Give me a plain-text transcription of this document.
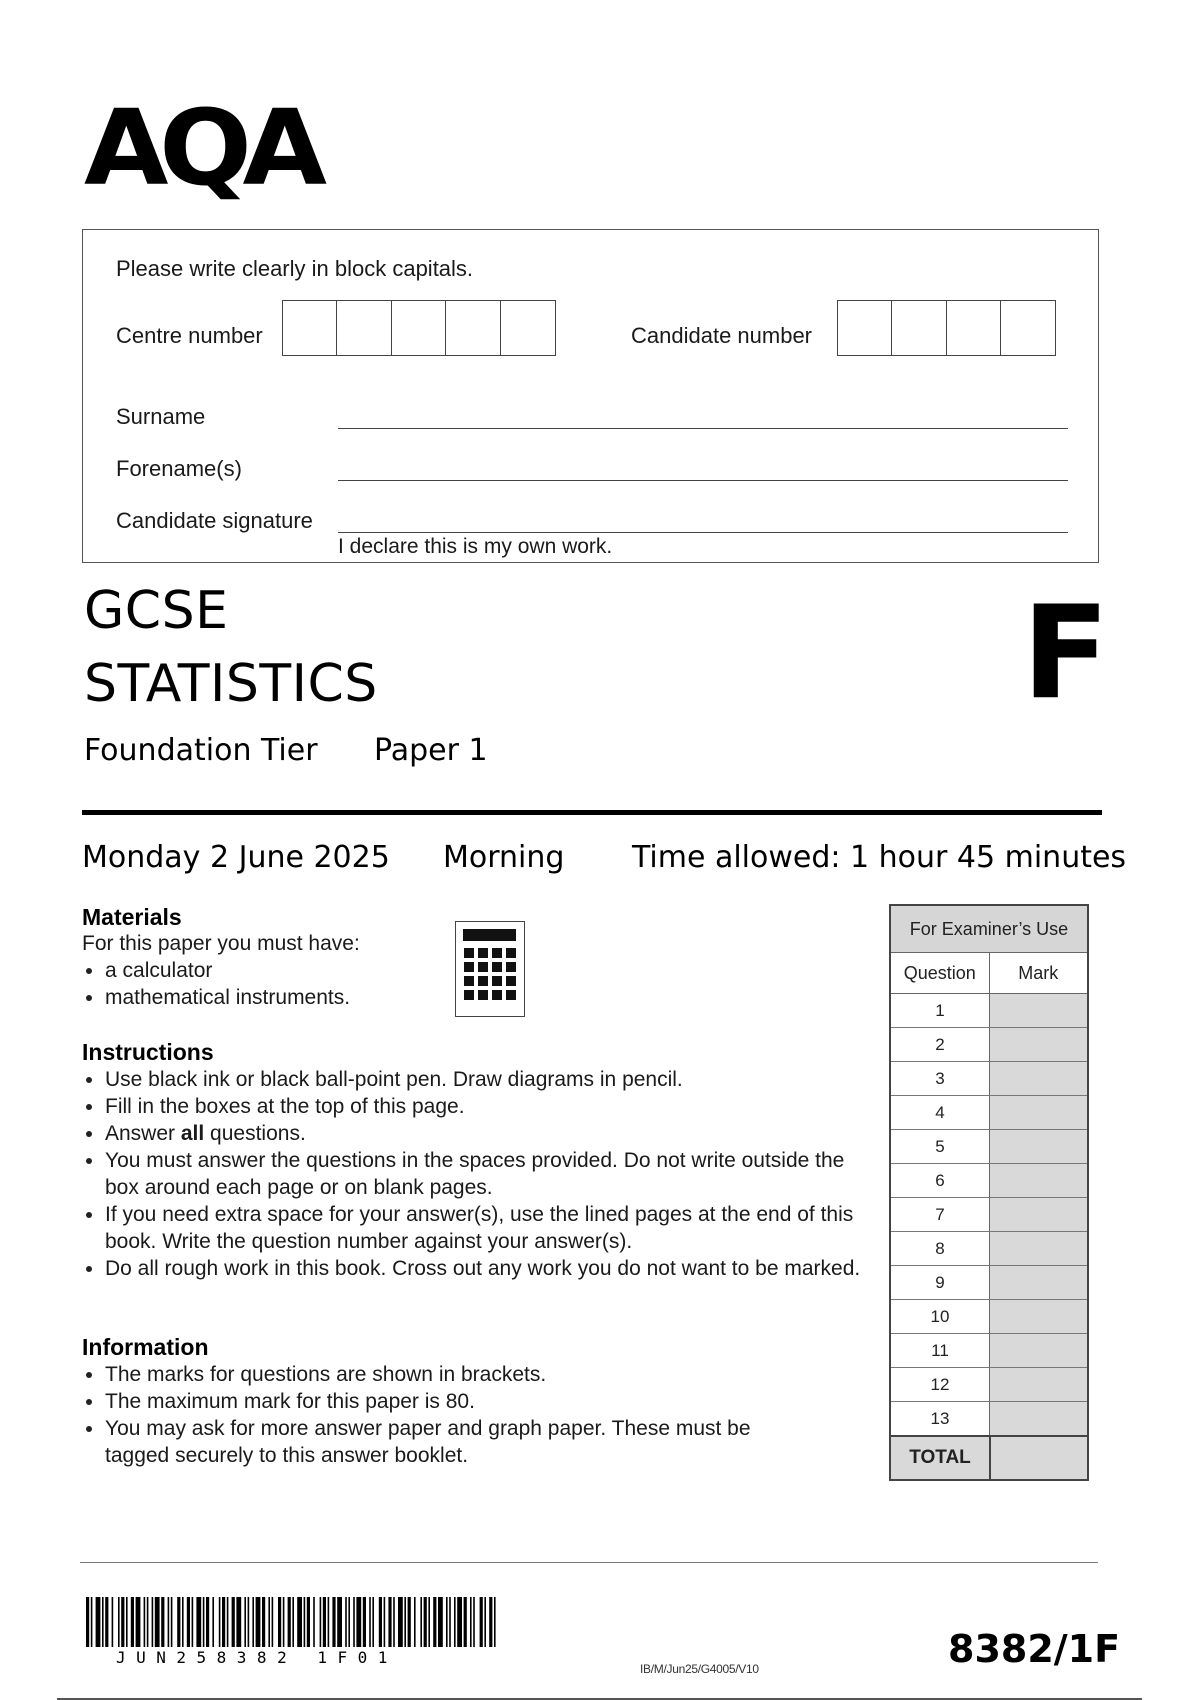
AQA
Please write clearly in block capitals.
Centre number	Candidate number
Surname
Forename(s)
Candidate signature
I declare this is my own work.
GCSE
STATISTICS
Foundation Tier Paper 1
F
Monday 2 June 2025 Morning Time allowed: 1 hour 45 minutes
Materials
For this paper you must have:
a calculator
mathematical instruments.
Instructions
Use black ink or black ball-point pen. Draw diagrams in pencil.
Fill in the boxes at the top of this page.
Answer all questions.
You must answer the questions in the spaces provided. Do not write outside the box around each page or on blank pages.
If you need extra space for your answer(s), use the lined pages at the end of this book. Write the question number against your answer(s).
Do all rough work in this book. Cross out any work you do not want to be marked.
Information
The marks for questions are shown in brackets.
The maximum mark for this paper is 80.
You may ask for more answer paper and graph paper. These must be tagged securely to this answer booklet.
For Examiner’s Use
Question	Mark
1
2
3
4
5
6
7
8
9
10
11
12
13
TOTAL
JUN258382 1F01
IB/M/Jun25/G4005/V10	8382/1F
